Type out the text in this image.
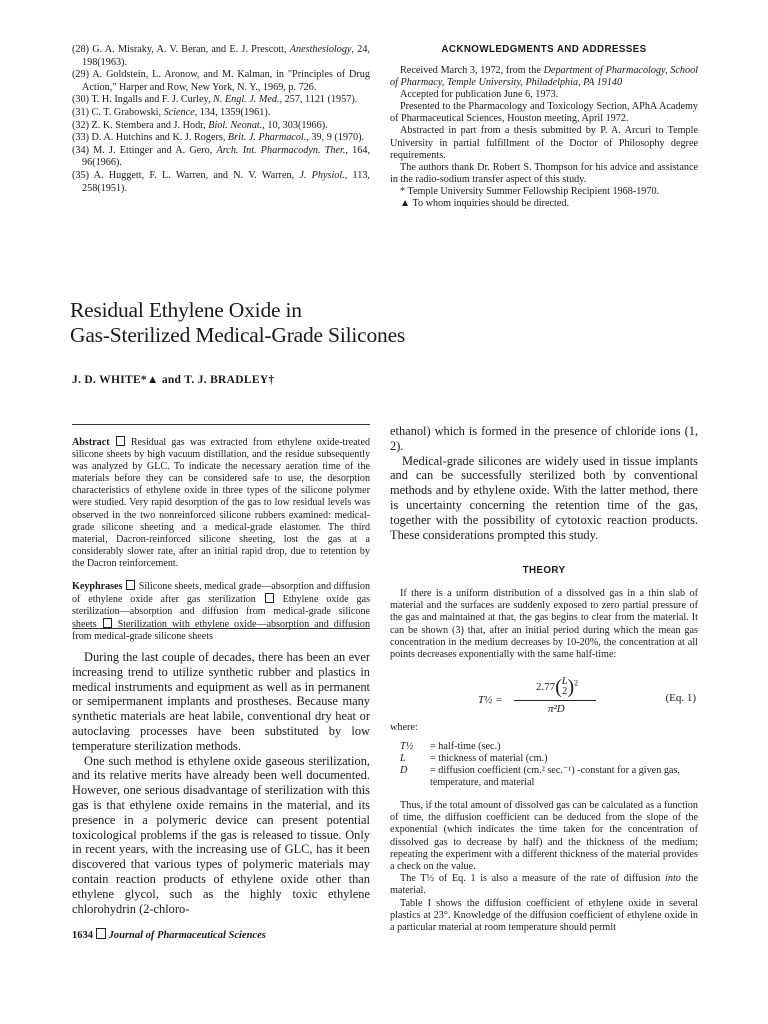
(28) G. A. Misraky, A. V. Beran, and E. J. Prescott, Anesthesiology, 24, 198(1963).

(29) A. Goldstein, L. Aronow, and M. Kalman, in "Principles of Drug Action," Harper and Row, New York, N. Y., 1969, p. 726.

(30) T. H. Ingalls and F. J. Curley, N. Engl. J. Med., 257, 1121 (1957).

(31) C. T. Grabowski, Science, 134, 1359(1961).

(32) Z. K. Stembera and J. Hodr, Biol. Neonat., 10, 303(1966).

(33) D. A. Hutchins and K. J. Rogers, Brit. J. Pharmacol., 39, 9 (1970).

(34) M. J. Ettinger and A. Gero, Arch. Int. Pharmacodyn. Ther., 164, 96(1966).

(35) A. Huggett, F. L. Warren, and N. V. Warren, J. Physiol., 113, 258(1951).

ACKNOWLEDGMENTS AND ADDRESSES

Received March 3, 1972, from the Department of Pharmacology, School of Pharmacy, Temple University, Philadelphia, PA 19140

Accepted for publication June 6, 1973.

Presented to the Pharmacology and Toxicology Section, APhA Academy of Pharmaceutical Sciences, Houston meeting, April 1972.

Abstracted in part from a thesis submitted by P. A. Arcuri to Temple University in partial fulfillment of the Doctor of Philosophy degree requirements.

The authors thank Dr. Robert S. Thompson for his advice and assistance in the radio-sodium transfer aspect of this study.

* Temple University Summer Fellowship Recipient 1968-1970.

▲ To whom inquiries should be directed.

Residual Ethylene Oxide in
Gas-Sterilized Medical-Grade Silicones
J. D. WHITE*▲ and T. J. BRADLEY†

Abstract Residual gas was extracted from ethylene oxide-treated silicone sheets by high vacuum distillation, and the residue subsequently was analyzed by GLC. To indicate the necessary aeration time of the materials before they can be considered safe to use, the desorption characteristics of ethylene oxide in three types of the silicone polymer were studied. Very rapid desorption of the gas to low residual levels was observed in the two nonreinforced silicone rubbers examined: medical-grade silicone sheeting and a medical-grade elastomer. The third material, Dacron-reinforced silicone sheeting, lost the gas at a considerably slower rate, after an initial rapid drop, due to retention by the Dacron reinforcement.

Keyphrases Silicone sheets, medical grade—absorption and diffusion of ethylene oxide after gas sterilization	Ethylene oxide gas sterilization—absorption and diffusion from medical-grade silicone sheets Sterilization with ethylene oxide—absorption and diffusion from medical-grade silicone sheets

During the last couple of decades, there has been an ever increasing trend to utilize synthetic rubber and plastics in medical instruments and equipment as well as in permanent or semipermanent implants and prostheses. Because many synthetic materials are heat labile, conventional dry heat or autoclaving processes have been substituted by low temperature sterilization methods.

One such method is ethylene oxide gaseous sterilization, and its relative merits have already been well documented. However, one serious disadvantage of sterilization with this gas is that ethylene oxide remains in the material, and its presence in a polymeric device can present potential toxicological problems if the gas is released to tissue. Only in recent years, with the increasing use of GLC, has it been discovered that various types of polymeric materials may contain reaction products of ethylene oxide other than ethylene glycol, such as the highly toxic ethylene chlorohydrin (2-chloro-

ethanol) which is formed in the presence of chloride ions (1, 2).

Medical-grade silicones are widely used in tissue implants and can be successfully sterilized both by conventional methods and by ethylene oxide. With the latter method, there is uncertainty concerning the retention time of the gas, together with the possibility of cytotoxic reaction products. These considerations prompted this study.

THEORY

If there is a uniform distribution of a dissolved gas in a thin slab of material and the surfaces are suddenly exposed to zero partial pressure of the gas and maintained at that, the gas begins to clear from the material. It can be shown (3) that, after an initial period during which the mean gas concentration in the medium decreases by 10-20%, the concentration at all points decreases exponentially with the same half-time:

T½ =
2.77(L
2)$^2$
π²D
(Eq. 1)
where:
T½ = half-time (sec.)
L = thickness of material (cm.)
D	= diffusion coefficient (cm.² sec.⁻¹) -constant for a given gas, temperature, and material

Thus, if the total amount of dissolved gas can be calculated as a function of time, the diffusion coefficient can be deduced from the slope of the exponential (which indicates the time taken for the concentration of dissolved gas to decrease by half) and the thickness of the medium; repeating the experiment with a different thickness of the material provides a check on the value.

The T½ of Eq. 1 is also a measure of the rate of diffusion into the material.

Table I shows the diffusion coefficient of ethylene oxide in several plastics at 23°. Knowledge of the diffusion coefficient of ethylene oxide in a particular material at room temperature should permit

1634 Journal of Pharmaceutical Sciences
